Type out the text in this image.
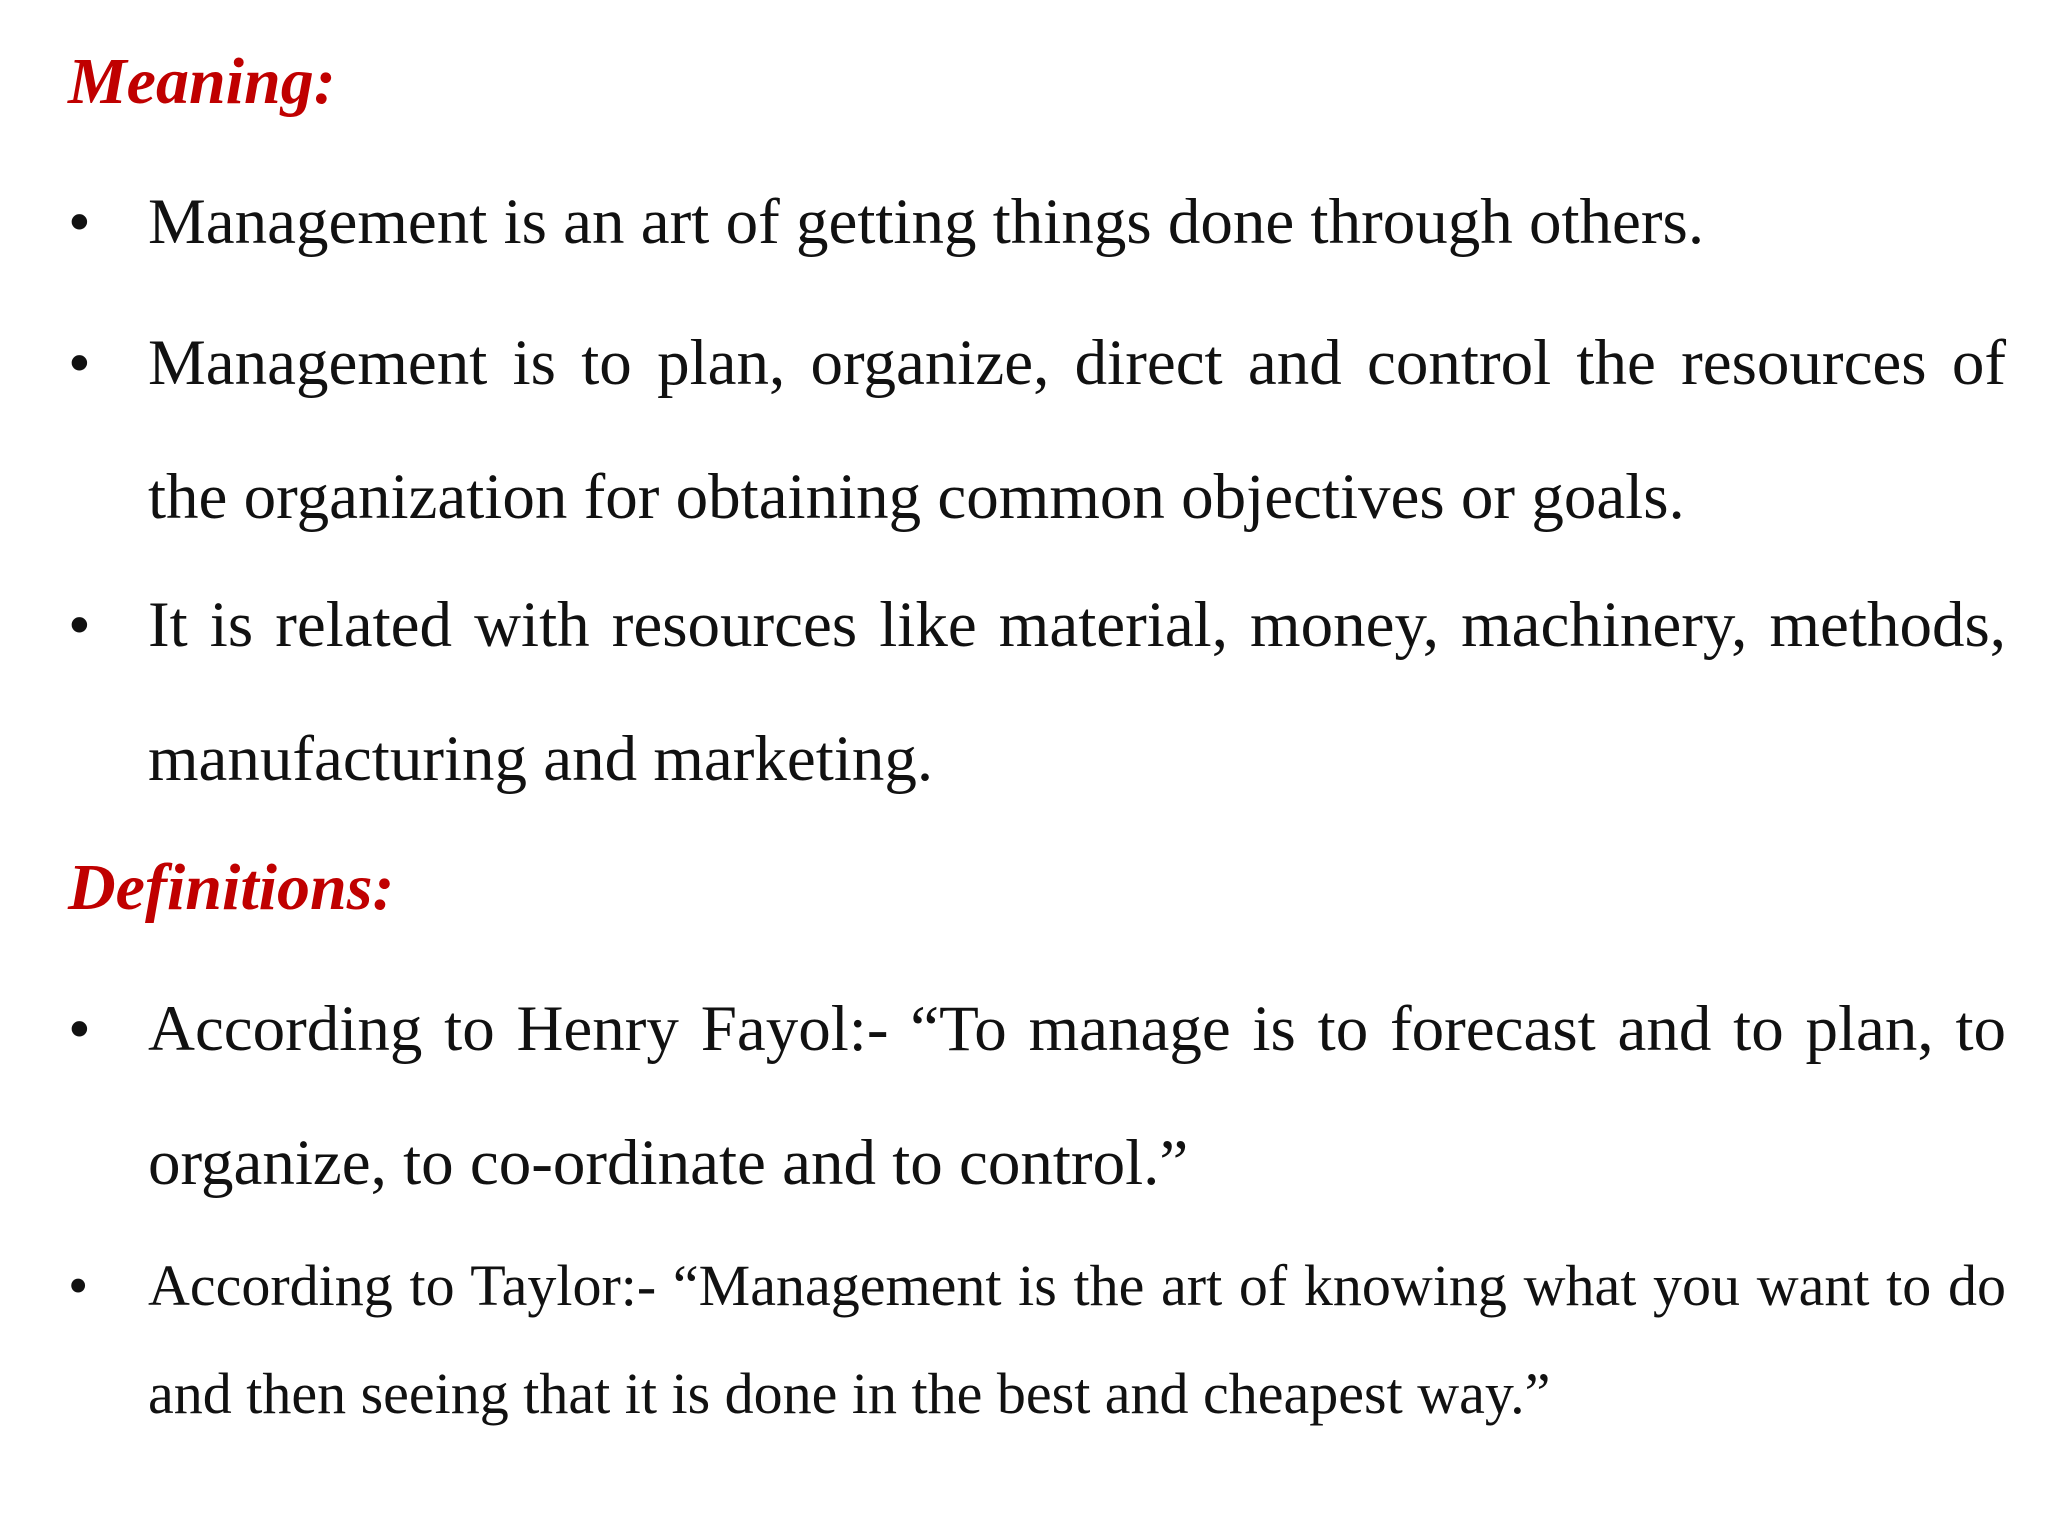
Meaning:
• Management is an art of getting things done through others.

• Management is to plan, organize, direct and control the resources of the organization for obtaining common objectives or goals.

• It is related with resources like material, money, machinery, methods, manufacturing and marketing.

Definitions:
• According to Henry Fayol:- “To manage is to forecast and to plan, to organize, to co-ordinate and to control.”

•	According to Taylor:- “Management is the art of knowing what you want to do and then seeing that it is done in the best and cheapest way.”
